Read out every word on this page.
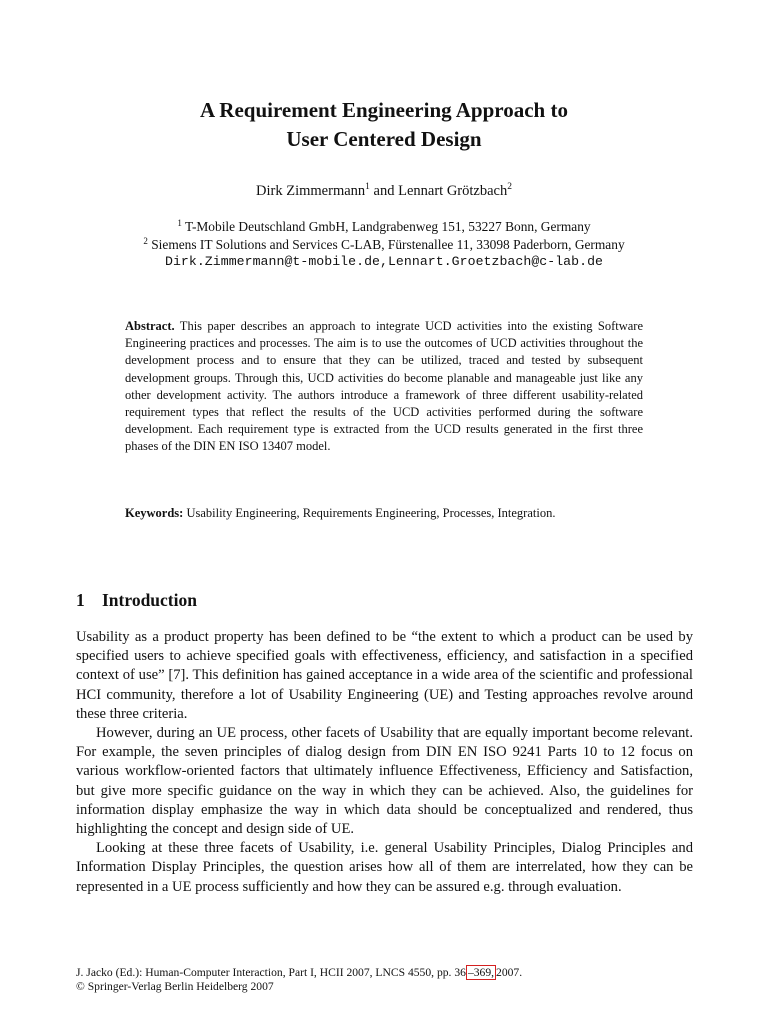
A Requirement Engineering Approach to
User Centered Design
Dirk Zimmermann$^1$ and Lennart Grötzbach$^2$
$^1$ T-Mobile Deutschland GmbH, Landgrabenweg 151, 53227 Bonn, Germany
$^2$ Siemens IT Solutions and Services C-LAB, Fürstenallee 11, 33098 Paderborn, Germany
Dirk.Zimmermann@t-mobile.de,Lennart.Groetzbach@c-lab.de
Abstract. This paper describes an approach to integrate UCD activities into the existing Software Engineering practices and processes. The aim is to use the outcomes of UCD activities throughout the development process and to ensure that they can be utilized, traced and tested by subsequent development groups. Through this, UCD activities do become planable and manageable just like any other development activity. The authors introduce a framework of three different usability-related requirement types that reflect the results of the UCD activities performed during the software development. Each requirement type is extracted from the UCD results generated in the first three phases of the DIN EN ISO 13407 model.
Keywords: Usability Engineering, Requirements Engineering, Processes, Integration.
1 Introduction

Usability as a product property has been defined to be “the extent to which a product can be used by specified users to achieve specified goals with effectiveness, efficiency, and satisfaction in a specified context of use” [7]. This definition has gained acceptance in a wide area of the scientific and professional HCI community, therefore a lot of Usability Engineering (UE) and Testing approaches revolve around these three criteria.

However, during an UE process, other facets of Usability that are equally important become relevant. For example, the seven principles of dialog design from DIN EN ISO 9241 Parts 10 to 12 focus on various workflow-oriented factors that ultimately influence Effectiveness, Efficiency and Satisfaction, but give more specific guidance on the way in which they can be achieved. Also, the guidelines for information display emphasize the way in which data should be conceptualized and rendered, thus highlighting the concept and design side of UE.

Looking at these three facets of Usability, i.e. general Usability Principles, Dialog Principles and Information Display Principles, the question arises how all of them are interrelated, how they can be represented in a UE process sufficiently and how they can be assured e.g. through evaluation.

J. Jacko (Ed.): Human-Computer Interaction, Part I, HCII 2007, LNCS 4550, pp. 36 –369,2007.
© Springer-Verlag Berlin Heidelberg 2007
